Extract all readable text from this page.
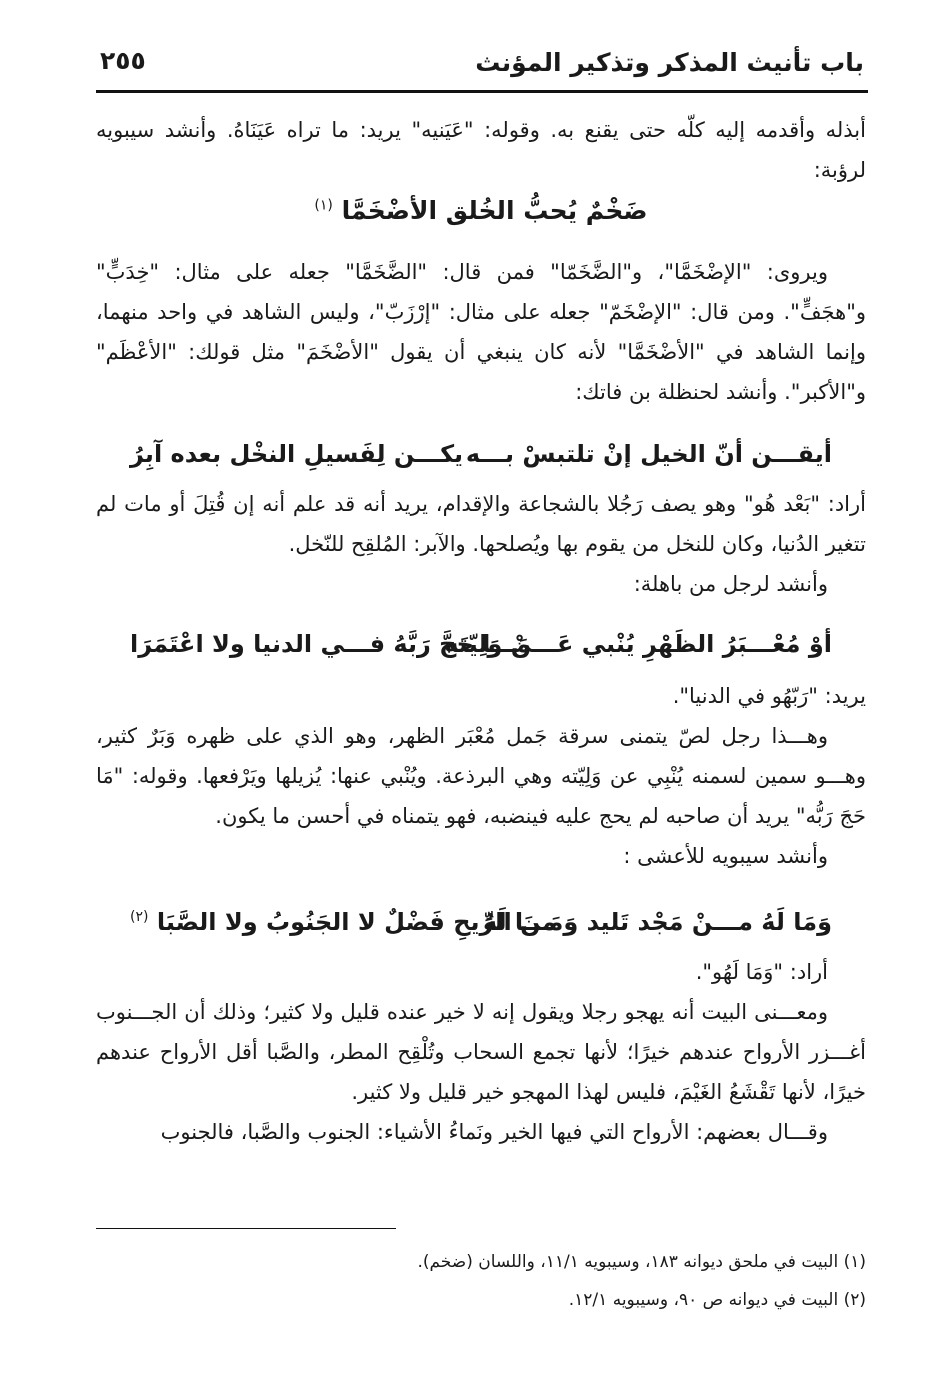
باب تأنيث المذكر وتذكير المؤنث
٢٥٥

أبذله وأقدمه إليه كلّه حتى يقنع به. وقوله: "عَيَنيه" يريد: ما تراه عَيَنَاهُ. وأنشد سيبويه لرؤبة:

ضَخْمٌ يُحبُّ الخُلق الأضْخَمَّا $^{(١)}$

ويروى: "الإضْخَمَّا"، و"الضَّخَمّا" فمن قال: "الضَّخَمَّا" جعله على مثال: "خِدَبٍّ" و"هجَفٍّ". ومن قال: "الإضْخَمّ" جعله على مثال: "إرْزَبّ"، وليس الشاهد في واحد منهما، وإنما الشاهد في "الأضْخَمَّا" لأنه كان ينبغي أن يقول "الأضْخَمَ" مثل قولك: "الأعْظَم" و"الأكبر". وأنشد لحنظلة بن فاتك:

أيقـــن أنّ الخيل إنْ تلتبسْ بـــه
يكـــن لِفَسيلِ النخْل بعده آبِرُ

أراد: "بَعْد هُو" وهو يصف رَجُلا بالشجاعة والإقدام، يريد أنه قد علم أنه إن قُتِلَ أو مات لم تتغير الدُنيا، وكان للنخل من يقوم بها ويُصلحها. والآبر: المُلقِح للنّخل.

وأنشد لرجل من باهلة:

أوْ مُعْـــبَرُ الظَهْرِ يُنْبي عَـــنْ وَلِيّته
مَـــا حَجَّ رَبَّهُ فـــي الدنيا ولا اعْتَمَرَا

يريد: "رَبّهُو في الدنيا".

وهـــذا رجل لصّ يتمنى سرقة جَمل مُعْبَر الظهر، وهو الذي على ظهره وَبَرٌ كثير، وهـــو سمين لسمنه يُنْبِي عن وَلِيّته وهي البرذعة. ويُنْبي عنها: يُزيلها ويَرْفعها. وقوله: "مَا حَجَ رَبُّه" يريد أن صاحبه لم يحج عليه فينضبه، فهو يتمناه في أحسن ما يكون.

وأنشد سيبويه للأعشى :

وَمَا لَهُ مـــنْ مَجْد تَليد وَمَـــا لَهُ
منَ الرِّيحِ فَضْلٌ لا الجَنُوبُ ولا الصَّبَا $^{(٢)}$

أراد: "وَمَا لَهُو".

ومعـــنى البيت أنه يهجو رجلا ويقول إنه لا خير عنده قليل ولا كثير؛ وذلك أن الجـــنوب أغـــزر الأرواح عندهم خيرًا؛ لأنها تجمع السحاب وتُلْقِح المطر، والصَّبا أقل الأرواح عندهم خيرًا، لأنها تَقْشَعُ الغَيْمَ، فليس لهذا المهجو خير قليل ولا كثير.

وقـــال بعضهم: الأرواح التي فيها الخير ونَماءُ الأشياء: الجنوب والصَّبا، فالجنوب

(١) البيت في ملحق ديوانه ١٨٣، وسيبويه ١١/١، واللسان (ضخم).
(٢) البيت في ديوانه ص ٩٠، وسيبويه ١٢/١.
